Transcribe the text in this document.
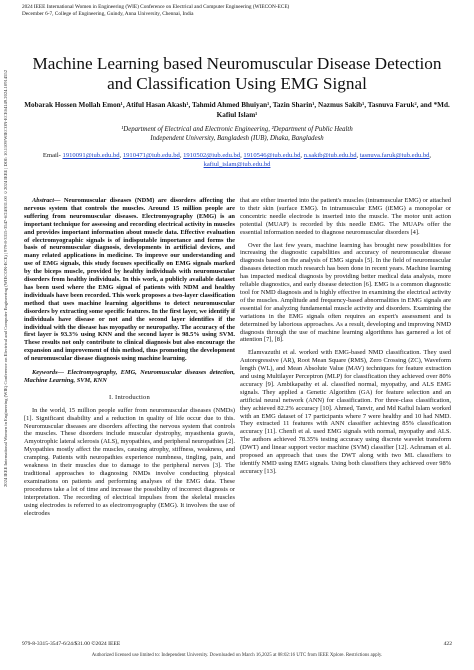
2024 IEEE International Women in Engineering (WIE) Conference on Electrical and Computer Engineering (WIECON-ECE)
December 6-7, College of Engineering, Guindy, Anna University, Chennai, India
2024 IEEE International Women in Engineering (WIE) Conference on Electrical and Computer Engineering (WIECON-ECE) | 979-8-3315-3547-6/24/$31.00 ©2024 IEEE | DOI: 10.1109/WIECON-ECE64149.2024.10914552
Machine Learning based Neuromuscular Disease Detection and Classification Using EMG Signal
Mobarak Hossen Mollah Emon¹, Atiful Hasan Akash¹, Tahmid Ahmed Bhuiyan¹, Tazin Sharin¹, Nazmus Sakib¹, Tasnuva Faruk², and *Md. Kafiul Islam¹
¹Department of Electrical and Electronic Engineering, ²Department of Public Health
Independent University, Bangladesh (IUB), Dhaka, Bangladesh
Email- 1910091@iub.edu.bd, 1910471@iub.edu.bd, 1910502@iub.edu.bd, 1910546@iub.edu.bd, n.sakib@iub.edu.bd, tasnuva.faruk@iub.edu.bd, kafiul_islam@iub.edu.bd

Abstract— Neuromuscular diseases (NDM) are disorders affecting the nervous system that controls the muscles. Around 15 million people are suffering from neuromuscular diseases. Electromyography (EMG) is an important technique for assessing and recording electrical activity in muscles and provides important information about muscle data. Effective evaluation of electromyographic signals is of indisputable importance and forms the basis of neuromuscular diagnosis, developments in artificial devices, and many related applications in medicine. To improve our understanding and use of EMG signals, this study focuses specifically on EMG signals marked by the biceps muscle, provided by healthy individuals with neuromuscular disorders from healthy individuals. In this work, a publicly available dataset has been used where the EMG signal of patients with NDM and healthy individuals have been recorded. This work proposes a two-layer classification method that uses machine learning algorithms to detect neuromuscular disorders by extracting some specific features. In the first layer, we identify if individuals have disease or not and the second layer identifies if the individual with the disease has myopathy or neuropathy. The accuracy of the first layer is 93.3% using KNN and the second layer is 98.5% using SVM. These results not only contribute to clinical diagnosis but also encourage the expansion and improvement of this method, thus promoting the development of neuromuscular disease diagnosis using machine learning.

Keywords— Electromyography, EMG, Neuromuscular diseases detection, Machine Learning, SVM, KNN

I. Introduction

In the world, 15 million people suffer from neuromuscular diseases (NMDs) [1]. Significant disability and a reduction in quality of life occur due to this. Neuromuscular diseases are disorders affecting the nervous system that controls the muscles. These disorders include muscular dystrophy, myasthenia gravis, Amyotrophic lateral sclerosis (ALS), myopathies, and peripheral neuropathies [2]. Myopathies mostly affect the muscles, causing atrophy, stiffness, weakness, and cramping. Patients with neuropathies experience numbness, tingling, pain, and weakness in their muscles due to damage to the peripheral nerves [3]. The traditional approaches to diagnosing NMDs involve conducting physical examinations on patients and performing analyses of the EMG data. These procedures take a lot of time and increase the possibility of incorrect diagnosis or interpretation. The recording of electrical impulses from the skeletal muscles using electrodes is referred to as electromyography (EMG). It involves the use of electrodes

that are either inserted into the patient's muscles (intramuscular EMG) or attached to their skin (surface EMG). In intramuscular EMG (iEMG) a monopolar or concentric needle electrode is inserted into the muscle. The motor unit action potential (MUAP) is recorded by this needle EMG. The MUAPs offer the essential information needed to diagnose neuromuscular disorders [4].

Over the last few years, machine learning has brought new possibilities for increasing the diagnostic capabilities and accuracy of neuromuscular disease diagnosis based on the analysis of EMG signals [5]. In the field of neuromuscular diseases detection much research has been done in recent years. Machine learning has impacted medical diagnosis by providing better medical data analysis, more reliable diagnostics, and early disease detection [6]. EMG is a common diagnostic tool for NMD diagnosis and is highly effective in examining the electrical activity of the muscles. Amplitude and frequency-based abnormalities in EMG signals are essential for analyzing fundamental muscle activity and disorders. Examining the variations in the EMG signals often requires an expert's assessment and is determined by laborious approaches. As a result, developing and improving NMD diagnosis through the use of machine learning algorithms has garnered a lot of attention [7], [8].

Elamvazuthi et al. worked with EMG-based NMD classification. They used Autoregressive (AR), Root Mean Square (RMS), Zero Crossing (ZC), Waveform length (WL), and Mean Absolute Value (MAV) techniques for feature extraction and using Multilayer Perceptron (MLP) for classification they achieved over 80% accuracy [9]. Ambikapathy et al. classified normal, myopathy, and ALS EMG signals. They applied a Genetic Algorithm (GA) for feature selection and an artificial neural network (ANN) for classification. For three-class classification, they achieved 82.2% accuracy [10]. Ahmed, Tanvir, and Md Kafiul Islam worked with an EMG dataset of 17 participants where 7 were healthy and 10 had NMD. They extracted 11 features with ANN classifier achieving 85% classification accuracy [11]. Chenfi et al. used EMG signals with normal, myopathy and ALS. The authors achieved 78.35% testing accuracy using discrete wavelet transform (DWT) and linear support vector machine (SVM) classifier [12]. Achraman et al. proposed an approach that uses the DWT along with two ML classifiers to identify NMD using EMG signals. Using both classifiers they achieved over 98% accuracy [13].

979-8-3315-3547-6/24/$31.00 ©2024 IEEE	422
Authorized licensed use limited to: Independent University. Downloaded on March 16,2025 at 08:02:16 UTC from IEEE Xplore. Restrictions apply.
